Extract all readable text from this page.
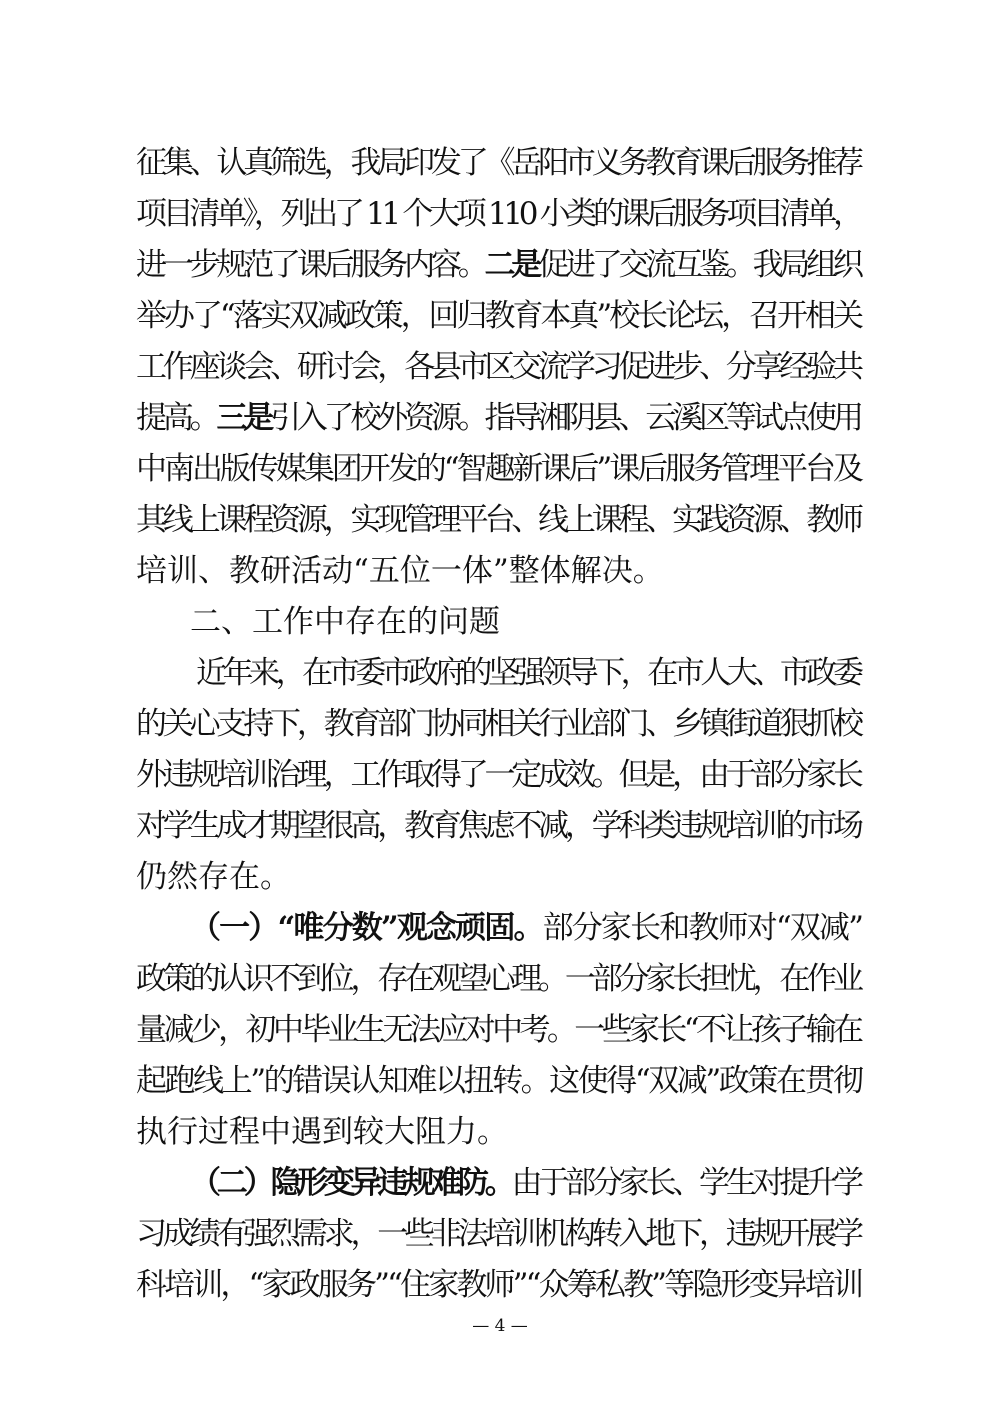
征集、认真筛选，我局印发了《岳阳市义务教育课后服务推荐
项目清单》，列出了 11 个大项 110 小类的课后服务项目清单，
进一步规范了课后服务内容。二是促进了交流互鉴。我局组织
举办了“落实双减政策，回归教育本真”校长论坛，召开相关
工作座谈会、研讨会，各县市区交流学习促进步、分享经验共
提高。三是引入了校外资源。指导湘阴县、云溪区等试点使用
中南出版传媒集团开发的“智趣新课后”课后服务管理平台及
其线上课程资源，实现管理平台、线上课程、实践资源、教师
培训、教研活动“五位一体”整体解决。
二、工作中存在的问题
近年来，在市委市政府的坚强领导下，在市人大、市政委
的关心支持下，教育部门协同相关行业部门、乡镇街道狠抓校
外违规培训治理，工作取得了一定成效。但是，由于部分家长
对学生成才期望很高，教育焦虑不减，学科类违规培训的市场
仍然存在。
（一）“唯分数”观念顽固。部分家长和教师对“双减”
政策的认识不到位，存在观望心理。一部分家长担忧，在作业
量减少，初中毕业生无法应对中考。一些家长“不让孩子输在
起跑线上”的错误认知难以扭转。这使得“双减”政策在贯彻
执行过程中遇到较大阻力。
（二）隐形变异违规难防。由于部分家长、学生对提升学
习成绩有强烈需求，一些非法培训机构转入地下，违规开展学
科培训，“家政服务”“住家教师”“众筹私教”等隐形变异培训
— 4 —
